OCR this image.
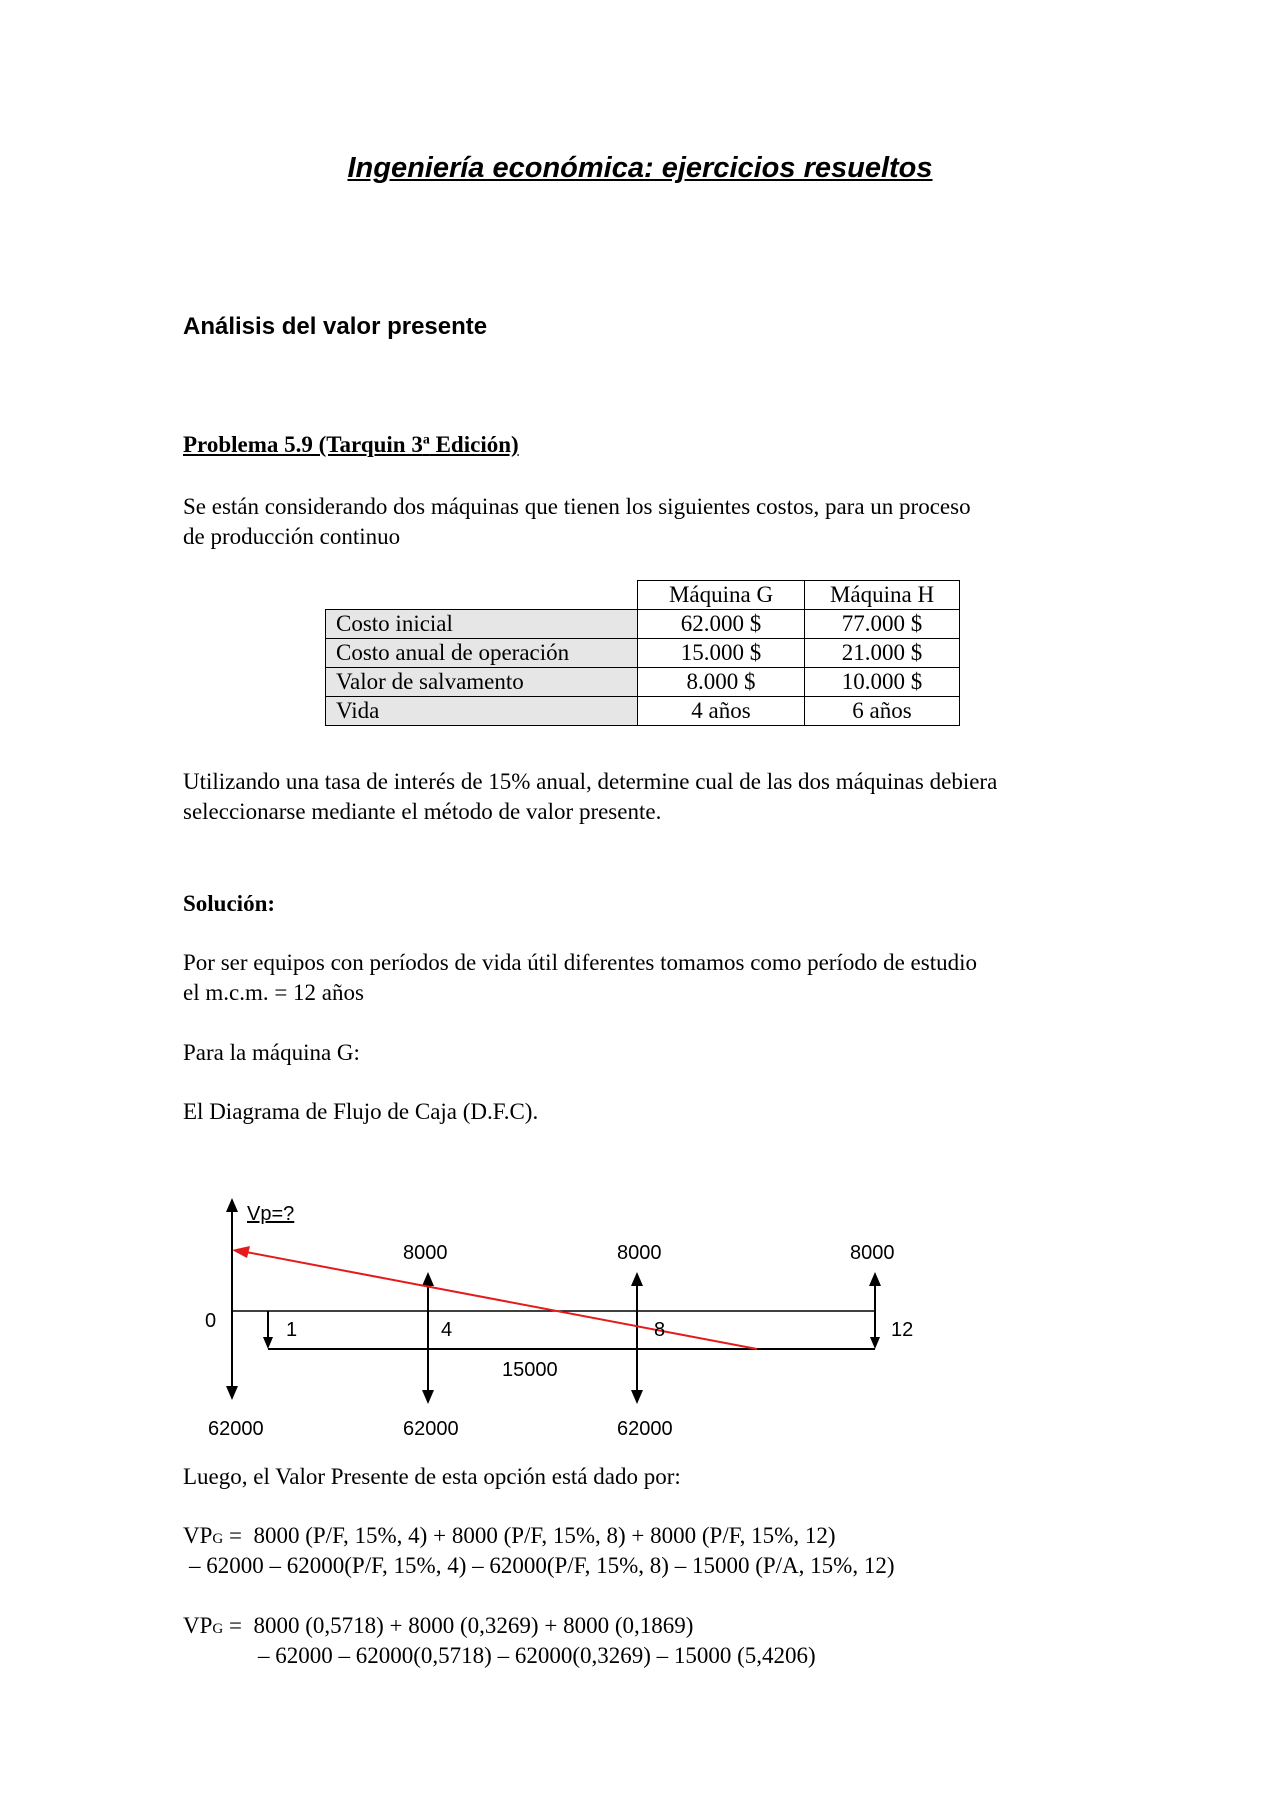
Ingeniería económica: ejercicios resueltos
Análisis del valor presente
Problema 5.9 (Tarquin 3$^a$ Edición)
Se están considerando dos máquinas que tienen los siguientes costos, para un proceso
de producción continuo
	Máquina G	Máquina H
Costo inicial	62.000 $	77.000 $
Costo anual de operación	15.000 $	21.000 $
Valor de salvamento	8.000 $	10.000 $
Vida	4 años	6 años
Utilizando una tasa de interés de 15% anual, determine cual de las dos máquinas debiera
seleccionarse mediante el método de valor presente.
Solución:
Por ser equipos con períodos de vida útil diferentes tomamos como período de estudio
el m.c.m. = 12 años
Para la máquina G:
El Diagrama de Flujo de Caja (D.F.C).
Vp=?
0	1	4	8	12
8000	8000	8000
15000
62000	62000	62000
Luego, el Valor Presente de esta opción está dado por:
VPG = 8000 (P/F, 15%, 4) + 8000 (P/F, 15%, 8) + 8000 (P/F, 15%, 12)
– 62000 – 62000(P/F, 15%, 4) – 62000(P/F, 15%, 8) – 15000 (P/A, 15%, 12)
VPG = 8000 (0,5718) + 8000 (0,3269) + 8000 (0,1869)
– 62000 – 62000(0,5718) – 62000(0,3269) – 15000 (5,4206)
